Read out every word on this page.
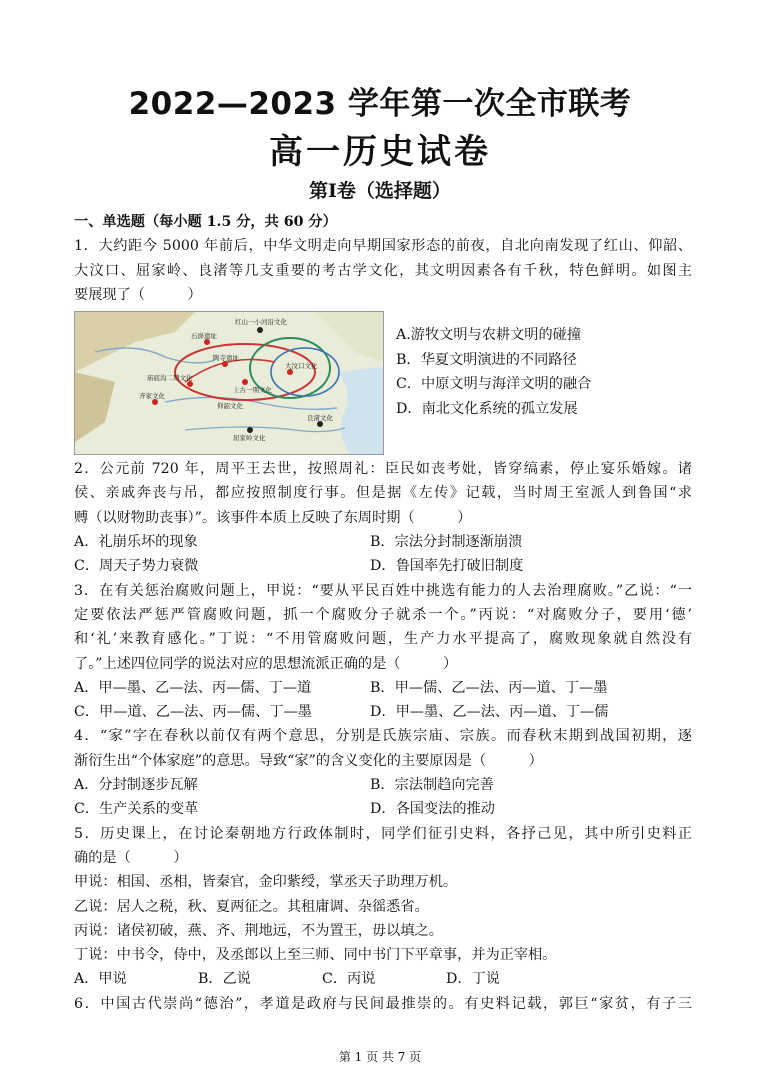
2022—2023 学年第一次全市联考
高一历史试卷
第Ⅰ卷（选择题）
一、单选题（每小题 1.5 分，共 60 分）
1．大约距今 5000 年前后，中华文明走向早期国家形态的前夜，自北向南发现了红山、仰韶、
大汶口、屈家岭、良渚等几支重要的考古学文化，其文明因素各有千秋，特色鲜明。如图主
要展现了（　　　）
红山一小河沿文化
石峁遗址
陶寺遗址
庙底沟二期文化
齐家文化
上古一期文化
仰韶文化
大汶口文化
良渚文化
屈家岭文化
A.游牧文明与农耕文明的碰撞
B．华夏文明演进的不同路径
C．中原文明与海洋文明的融合
D．南北文化系统的孤立发展
2．公元前 720 年，周平王去世，按照周礼：臣民如丧考妣，皆穿缟素，停止宴乐婚嫁。诸
侯、亲戚奔丧与吊，都应按照制度行事。但是据《左传》记载，当时周王室派人到鲁国“求
赙（以财物助丧事）”。该事件本质上反映了东周时期（　　　）
A．礼崩乐坏的现象	B．宗法分封制逐渐崩溃
C．周天子势力衰微	D．鲁国率先打破旧制度
3．在有关惩治腐败问题上，甲说：“要从平民百姓中挑选有能力的人去治理腐败。”乙说：“一
定要依法严惩严管腐败问题，抓一个腐败分子就杀一个。”丙说：“对腐败分子，要用‘德’
和‘礼’来教育感化。”丁说：“不用管腐败问题，生产力水平提高了，腐败现象就自然没有
了。”上述四位同学的说法对应的思想流派正确的是（　　　）
A．甲—墨、乙—法、丙—儒、丁—道	B．甲—儒、乙—法、丙—道、丁—墨
C．甲—道、乙—法、丙—儒、丁—墨	D．甲—墨、乙—法、丙—道、丁—儒
4．“家”字在春秋以前仅有两个意思，分别是氏族宗庙、宗族。而春秋末期到战国初期，逐
渐衍生出“个体家庭”的意思。导致“家”的含义变化的主要原因是（　　　）
A．分封制逐步瓦解	B．宗法制趋向完善
C．生产关系的变革	D．各国变法的推动
5．历史课上，在讨论秦朝地方行政体制时，同学们征引史料，各抒己见，其中所引史料正
确的是（　　　）
甲说：相国、丞相，皆秦官，金印紫绶，掌丞天子助理万机。
乙说：居人之税，秋、夏两征之。其租庸调、杂徭悉省。
丙说：诸侯初破，燕、齐、荆地远，不为置王，毋以填之。
丁说：中书令，侍中，及丞郎以上至三师、同中书门下平章事，并为正宰相。
A．甲说	B．乙说	C．丙说	D．丁说
6．中国古代崇尚“德治”，孝道是政府与民间最推崇的。有史料记载，郭巨“家贫，有子三
第 1 页 共 7 页
